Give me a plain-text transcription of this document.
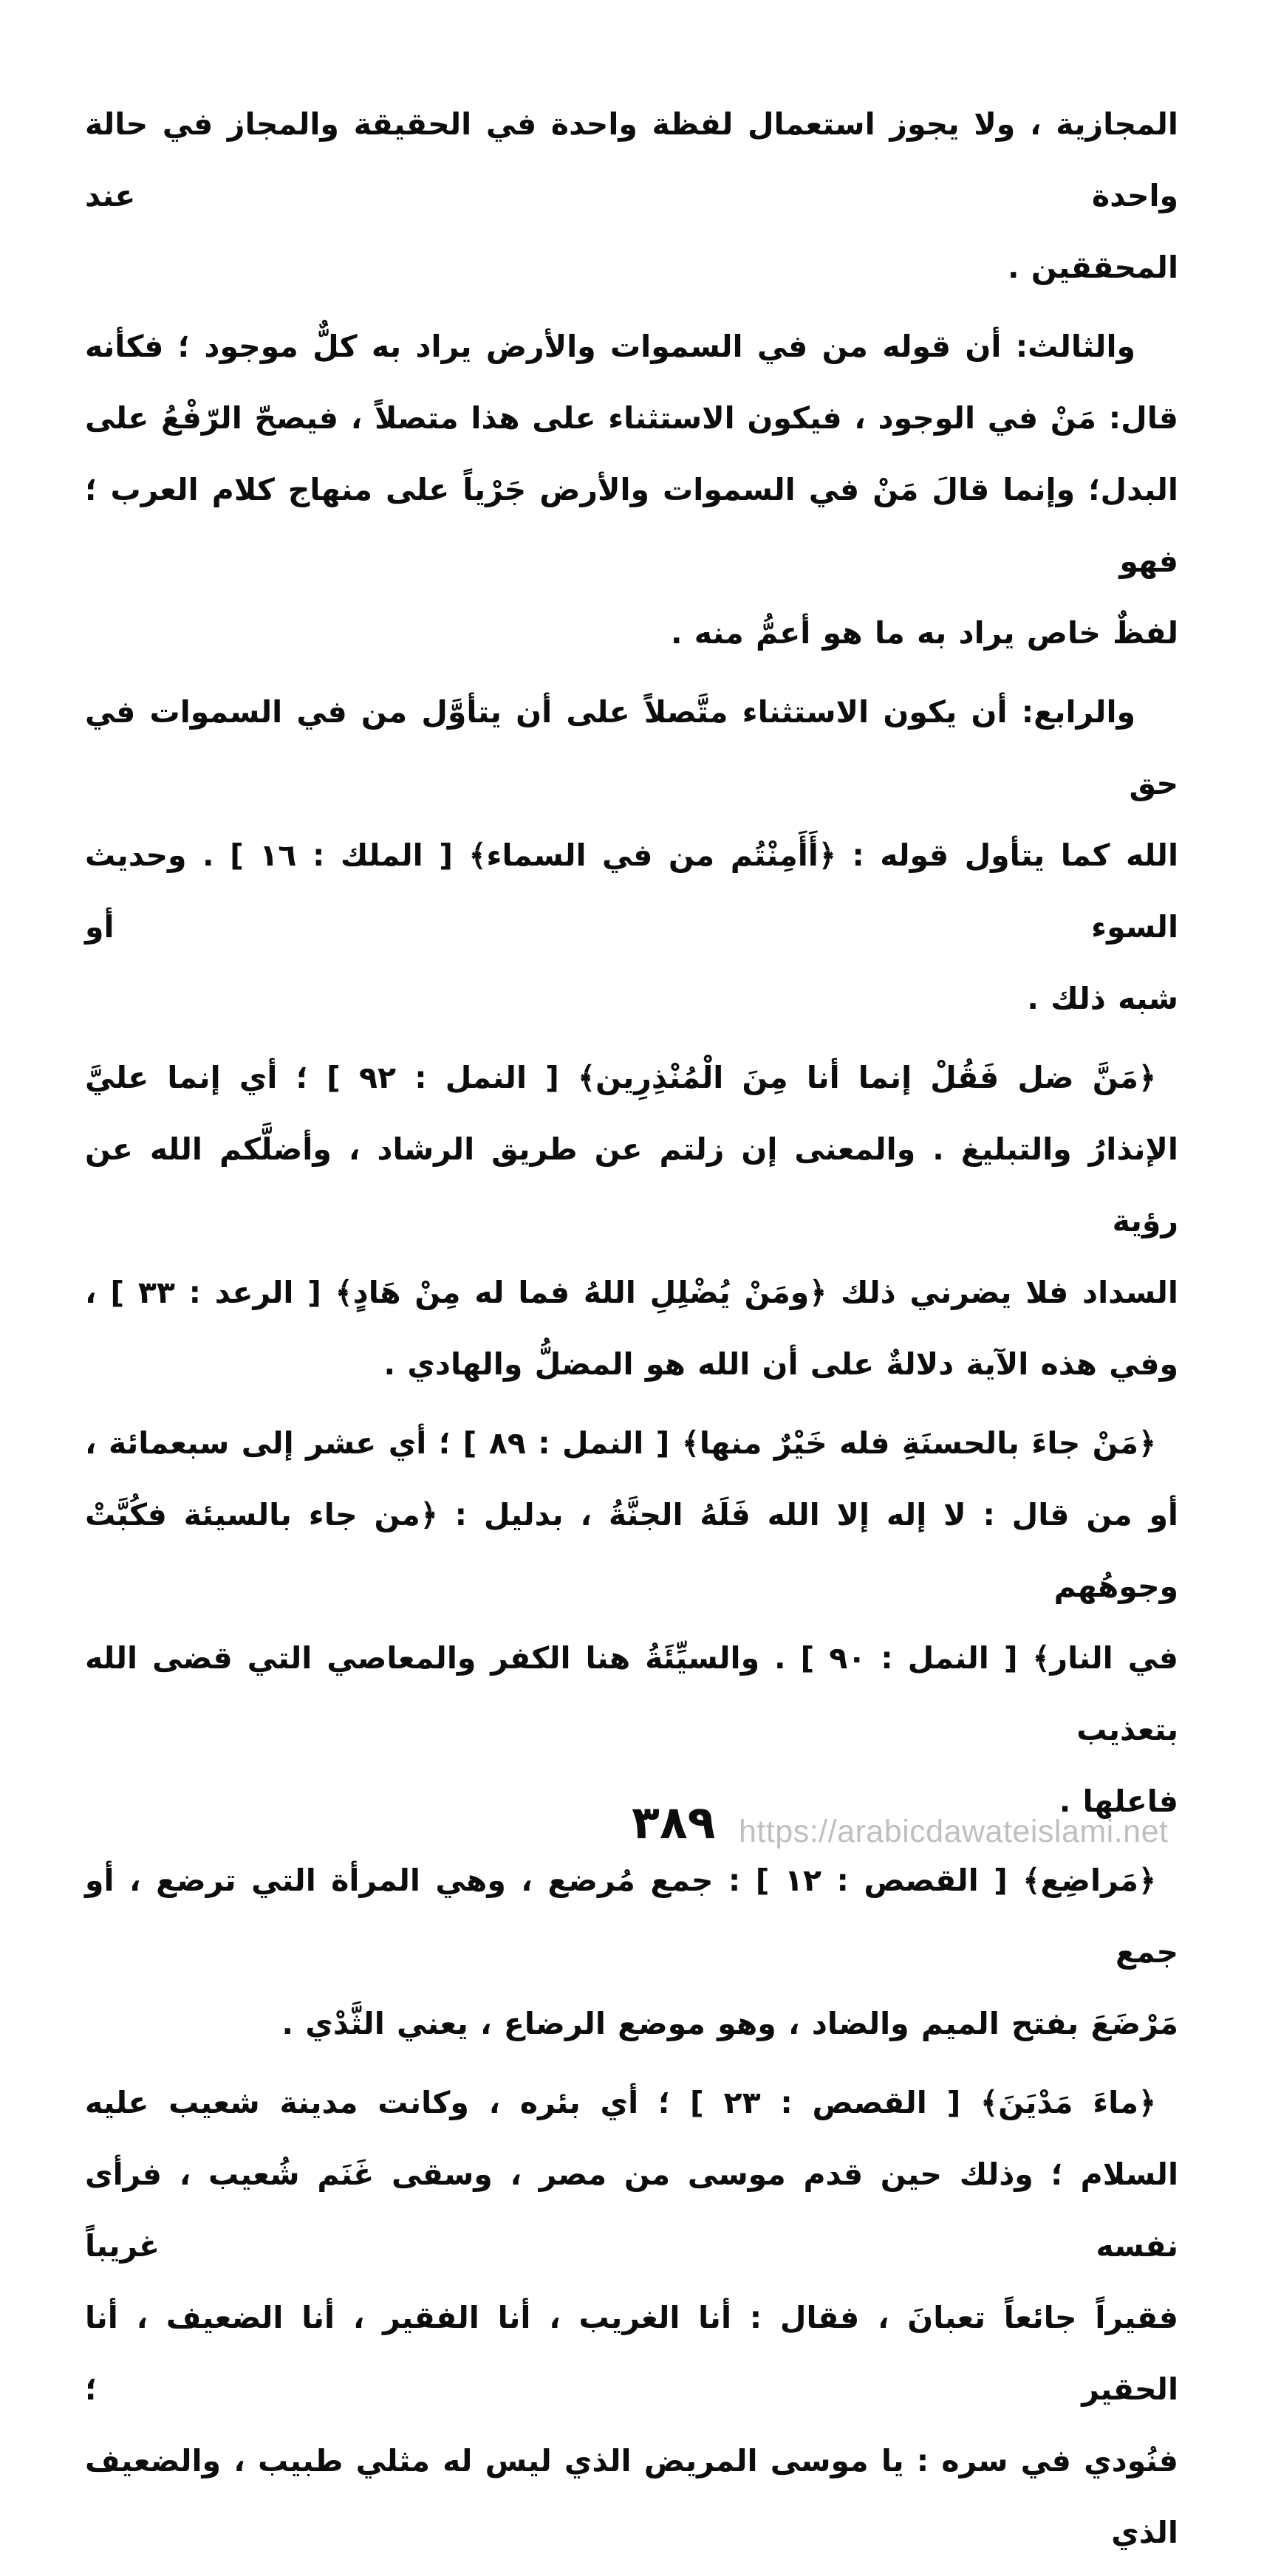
المجازية ، ولا يجوز استعمال لفظة واحدة في الحقيقة والمجاز في حالة واحدة عند
المحققين .
والثالث: أن قوله من في السموات والأرض يراد به كلٌّ موجود ؛ فكأنه
قال: مَنْ في الوجود ، فيكون الاستثناء على هذا متصلاً ، فيصحّ الرّفْعُ على
البدل؛ وإنما قالَ مَنْ في السموات والأرض جَرْياً على منهاج كلام العرب ؛ فهو
لفظٌ خاص يراد به ما هو أعمُّ منه .
والرابع: أن يكون الاستثناء متَّصلاً على أن يتأوَّل من في السموات في حق
الله كما يتأول قوله : ﴿أَأَمِنْتُم من في السماء﴾ [ الملك : ١٦ ] . وحديث السوء أو
شبه ذلك .
﴿مَنَّ ضل فَقُلْ إنما أنا مِنَ الْمُنْذِرِين﴾ [ النمل : ٩٢ ] ؛ أي إنما عليَّ
الإنذارُ والتبليغ . والمعنى إن زلتم عن طريق الرشاد ، وأضلَّكم الله عن رؤية
السداد فلا يضرني ذلك ﴿ومَنْ يُضْلِلِ اللهُ فما له مِنْ هَادٍ﴾ [ الرعد : ٣٣ ] ،
وفي هذه الآية دلالةٌ على أن الله هو المضلُّ والهادي .
﴿مَنْ جاءَ بالحسنَةِ فله خَيْرٌ منها﴾ [ النمل : ٨٩ ] ؛ أي عشر إلى سبعمائة ،
أو من قال : لا إله إلا الله فَلَهُ الجنَّةُ ، بدليل : ﴿من جاء بالسيئة فكُبَّتْ وجوهُهم
في النار﴾ [ النمل : ٩٠ ] . والسيِّئَةُ هنا الكفر والمعاصي التي قضى الله بتعذيب
فاعلها .
﴿مَراضِع﴾ [ القصص : ١٢ ] : جمع مُرضع ، وهي المرأة التي ترضع ، أو جمع
مَرْضَعَ بفتح الميم والضاد ، وهو موضع الرضاع ، يعني الثَّدْي .
﴿ماءَ مَدْيَنَ﴾ [ القصص : ٢٣ ] ؛ أي بئره ، وكانت مدينة شعيب عليه
السلام ؛ وذلك حين قدم موسى من مصر ، وسقى غَنَم شُعيب ، فرأى نفسه غريباً
فقيراً جائعاً تعبانَ ، فقال : أنا الغريب ، أنا الفقير ، أنا الضعيف ، أنا الحقير ؛
فنُودي في سره : يا موسى المريض الذي ليس له مثلي طبيب ، والضعيف الذي
٣٨٩ https://arabicdawateislami.net
